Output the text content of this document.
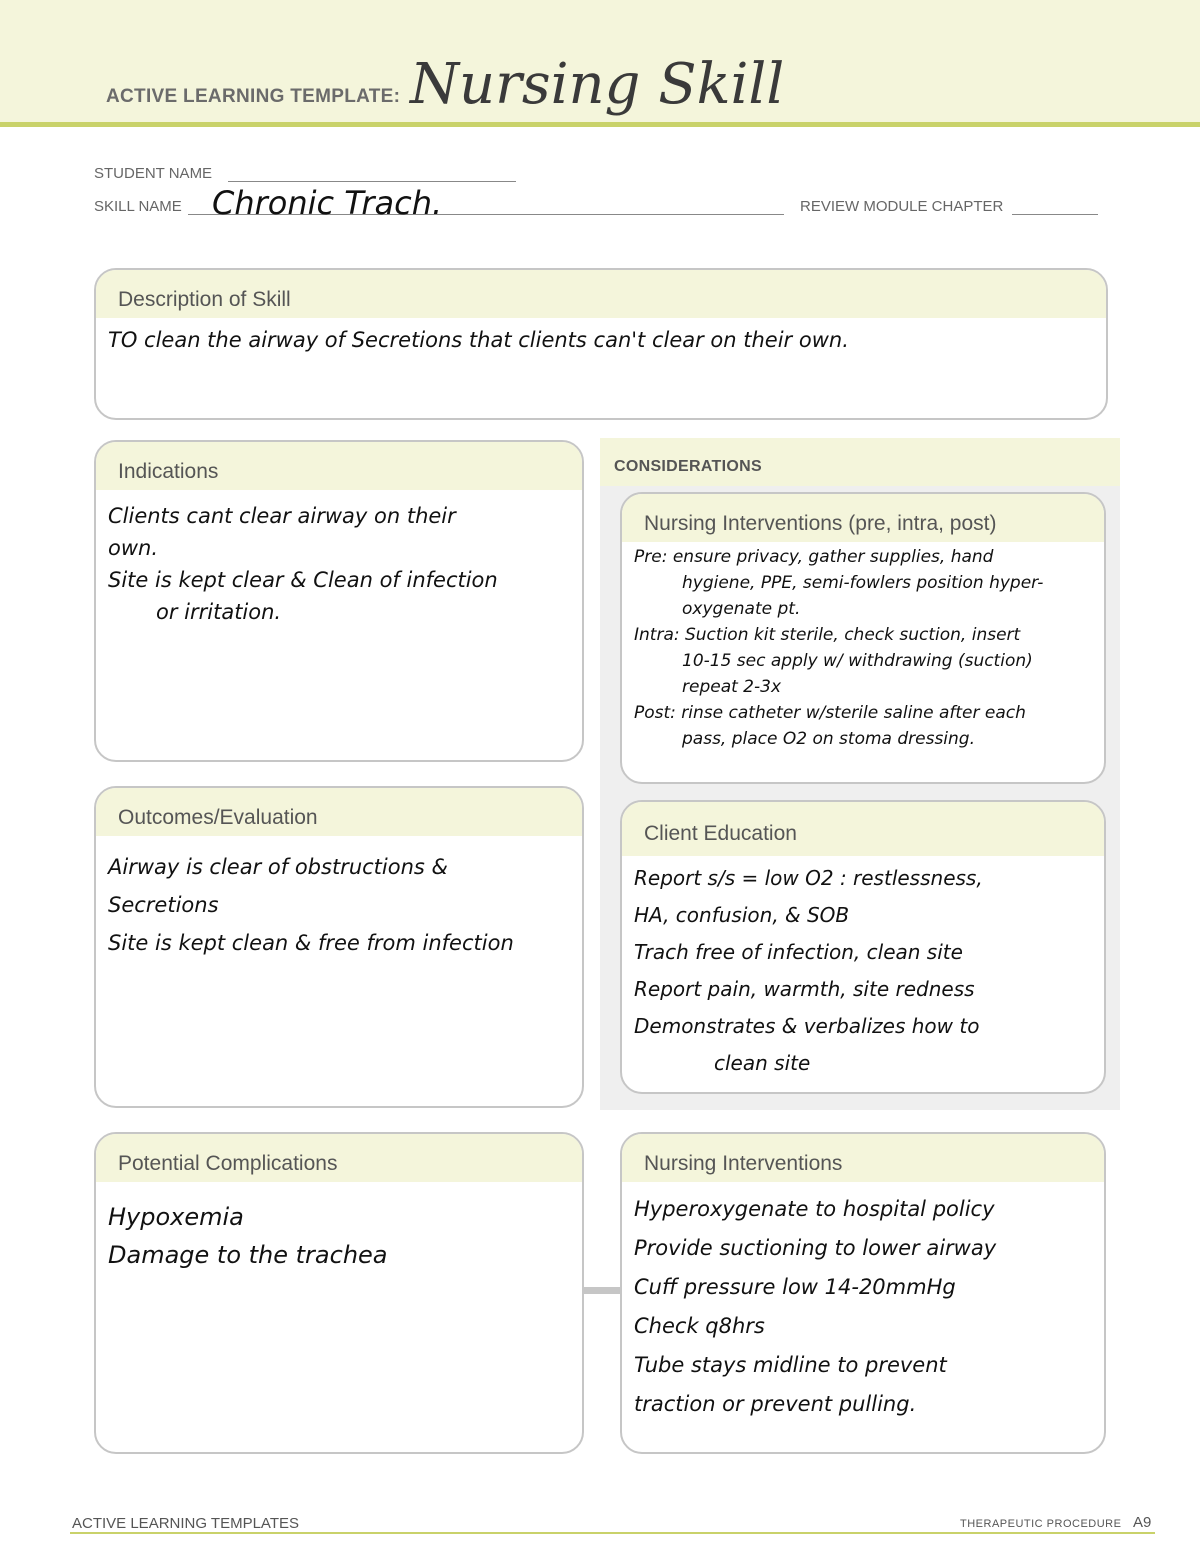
ACTIVE LEARNING TEMPLATE: Nursing Skill
STUDENT NAME
SKILL NAME Chronic Trach.	REVIEW MODULE CHAPTER
Description of Skill
TO clean the airway of Secretions that clients can't clear on their own.
Indications
Clients cant clear airway on their
own.
Site is kept clear & Clean of infection
or irritation.
Outcomes/Evaluation
Airway is clear of obstructions &
Secretions
Site is kept clean & free from infection
CONSIDERATIONS
Nursing Interventions (pre, intra, post)
Pre: ensure privacy, gather supplies, hand
hygiene, PPE, semi-fowlers position hyper-
oxygenate pt.
Intra: Suction kit sterile, check suction, insert
10-15 sec apply w/ withdrawing (suction)
repeat 2-3x
Post: rinse catheter w/sterile saline after each
pass, place O2 on stoma dressing.
Client Education
Report s/s = low O2 : restlessness,
HA, confusion, & SOB
Trach free of infection, clean site
Report pain, warmth, site redness
Demonstrates & verbalizes how to
clean site
Potential Complications
Hypoxemia
Damage to the trachea
Nursing Interventions
Hyperoxygenate to hospital policy
Provide suctioning to lower airway
Cuff pressure low 14-20mmHg
Check q8hrs
Tube stays midline to prevent
traction or prevent pulling.
ACTIVE LEARNING TEMPLATES	THERAPEUTIC PROCEDURE A9
